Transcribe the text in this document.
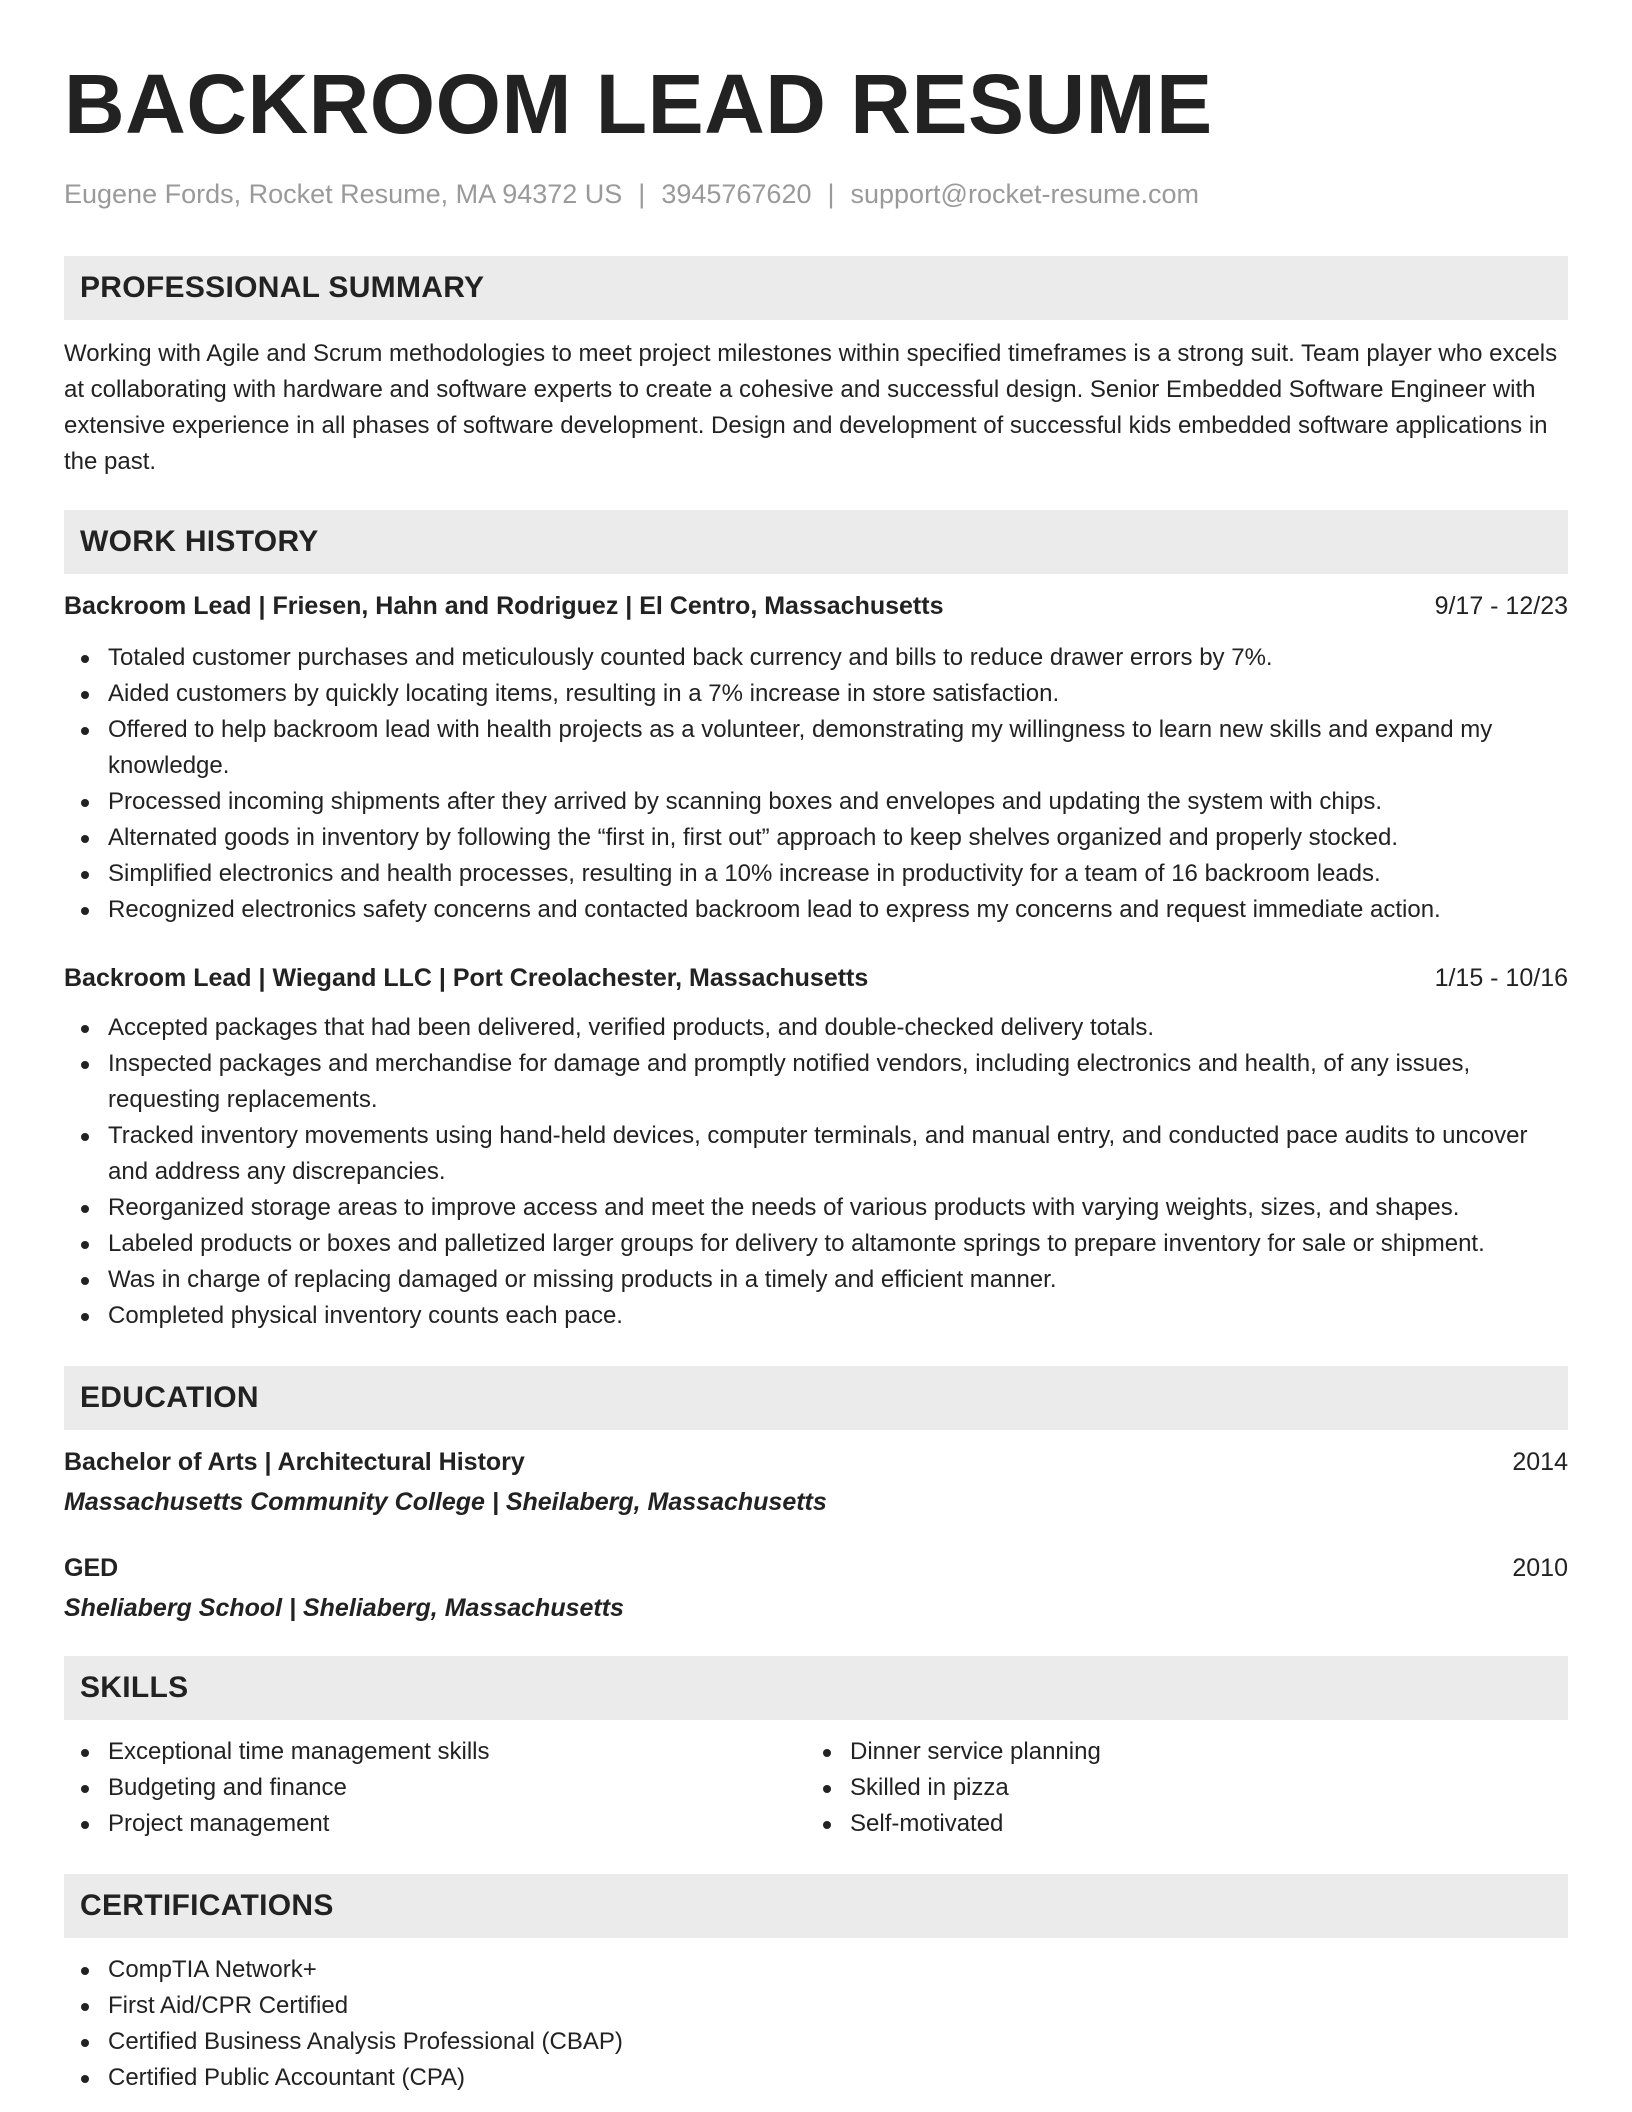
BACKROOM LEAD RESUME
Eugene Fords, Rocket Resume, MA 94372 US | 3945767620 | support@rocket-resume.com
PROFESSIONAL SUMMARY

Working with Agile and Scrum methodologies to meet project milestones within specified timeframes is a strong suit. Team player who excels at collaborating with hardware and software experts to create a cohesive and successful design. Senior Embedded Software Engineer with extensive experience in all phases of software development. Design and development of successful kids embedded software applications in the past.

WORK HISTORY
Backroom Lead | Friesen, Hahn and Rodriguez | El Centro, Massachusetts	9/17 - 12/23
Totaled customer purchases and meticulously counted back currency and bills to reduce drawer errors by 7%.
Aided customers by quickly locating items, resulting in a 7% increase in store satisfaction.
Offered to help backroom lead with health projects as a volunteer, demonstrating my willingness to learn new skills and expand my knowledge.
Processed incoming shipments after they arrived by scanning boxes and envelopes and updating the system with chips.
Alternated goods in inventory by following the “first in, first out” approach to keep shelves organized and properly stocked.
Simplified electronics and health processes, resulting in a 10% increase in productivity for a team of 16 backroom leads.
Recognized electronics safety concerns and contacted backroom lead to express my concerns and request immediate action.
Backroom Lead | Wiegand LLC | Port Creolachester, Massachusetts	1/15 - 10/16
Accepted packages that had been delivered, verified products, and double-checked delivery totals.
Inspected packages and merchandise for damage and promptly notified vendors, including electronics and health, of any issues, requesting replacements.
Tracked inventory movements using hand-held devices, computer terminals, and manual entry, and conducted pace audits to uncover and address any discrepancies.
Reorganized storage areas to improve access and meet the needs of various products with varying weights, sizes, and shapes.
Labeled products or boxes and palletized larger groups for delivery to altamonte springs to prepare inventory for sale or shipment.
Was in charge of replacing damaged or missing products in a timely and efficient manner.
Completed physical inventory counts each pace.
EDUCATION
Bachelor of Arts | Architectural History	2014
Massachusetts Community College | Sheilaberg, Massachusetts
GED	2010
Sheliaberg School | Sheliaberg, Massachusetts
SKILLS
Exceptional time management skills
Budgeting and finance
Project management
Dinner service planning
Skilled in pizza
Self-motivated
CERTIFICATIONS
CompTIA Network+
First Aid/CPR Certified
Certified Business Analysis Professional (CBAP)
Certified Public Accountant (CPA)
